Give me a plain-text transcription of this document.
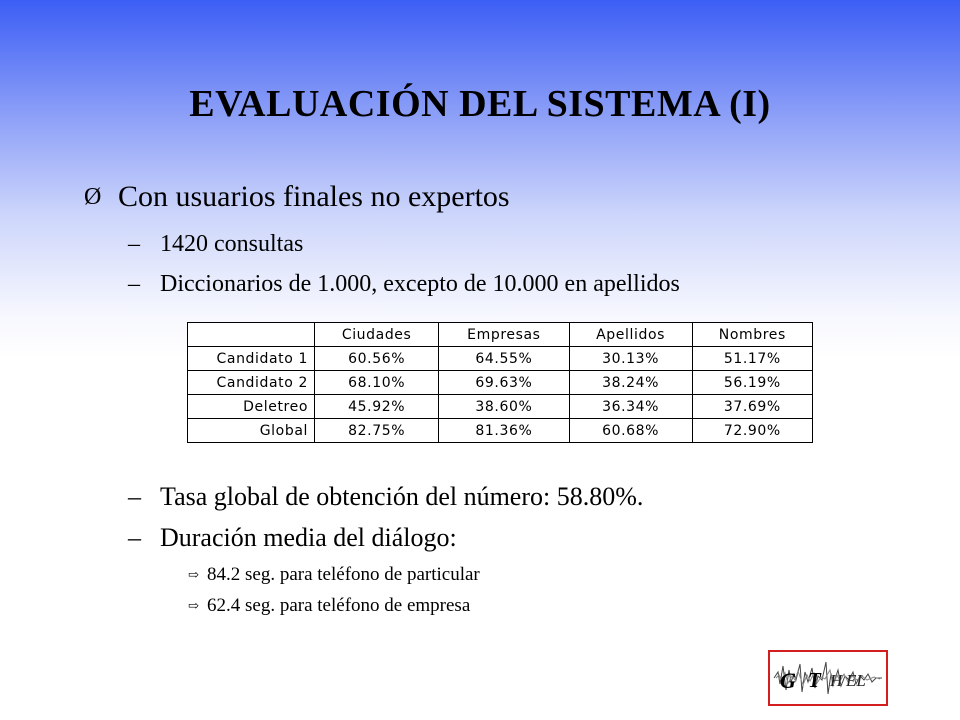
EVALUACIÓN DEL SISTEMA (I)
Ø Con usuarios finales no expertos
– 1420 consultas
– Diccionarios de 1.000, excepto de 10.000 en apellidos
	Ciudades	Empresas	Apellidos	Nombres
Candidato 1	60.56%	64.55%	30.13%	51.17%
Candidato 2	68.10%	69.63%	38.24%	56.19%
Deletreo	45.92%	38.60%	36.34%	37.69%
Global	82.75%	81.36%	60.68%	72.90%
– Tasa global de obtención del número: 58.80%.
– Duración media del diálogo:
⇨ 84.2 seg. para teléfono de particular
⇨ 62.4 seg. para teléfono de empresa
G T H EL
